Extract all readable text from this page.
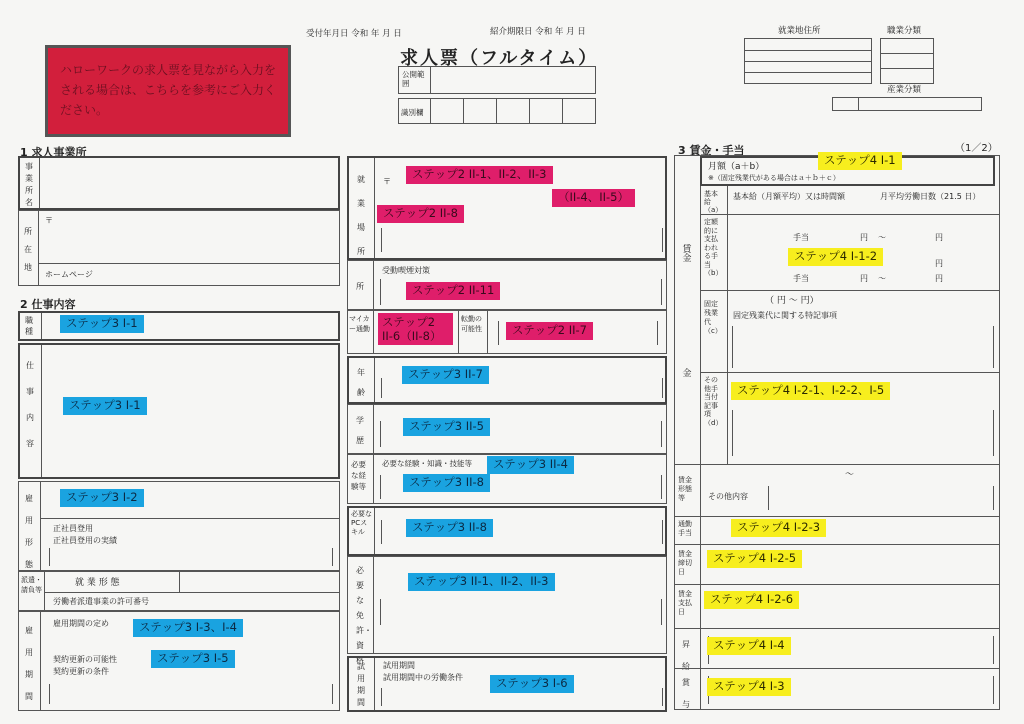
受付年月日 令和 年 月 日	紹介期限日 令和 年 月 日
ハローワークの求人票を見ながら入力をされる場合は、こちらを参考にご入力ください。
求人票（フルタイム）
公開範囲
識別欄
就業地住所	職業分類
産業分類
1 求人事業所
事業所名
所在地
〒
ホームページ
2 仕事内容
職種
仕事内容
雇用形態
正社員登用
正社員登用の実績
派遣・請負等
就 業 形 態
労働者派遣事業の許可番号
雇用期間
雇用期間の定め
契約更新の可能性
契約更新の条件
就業場所
〒
所
受動喫煙対策
マイカー通勤
転勤の可能性
年齢
学歴
必要な経験等
必要な経験・知識・技能等
必要なPCスキル
必要な免許・資格
試用期間
試用期間
試用期間中の労働条件
3 賃金・手当	（1／2）
月額（a＋b）
※（固定残業代がある場合はａ＋ｂ＋ｃ）
賃金
金
基本給（a）
基本給（月額平均）又は時間額	月平均労働日数（21.5 日）
定額的に支払われる手当（b）
手当	円 〜	円
円
手当	円 〜	円
固定残業代（c）
（ 円 〜 円）
固定残業代に関する特記事項
その他手当付記事項（d）
賃金形態等
〜
その他内容
通勤手当
賃金締切日
賃金支払日
昇給
賞与
ステップ2 II-1、II-2、II-3
（II-4、II-5）
ステップ2 II-8
ステップ2 II-11
ステップ2 II-6（II-8）	ステップ2 II-7
ステップ3 I-1
ステップ3 I-1
ステップ3 I-2
ステップ3 I-3、I-4
ステップ3 I-5
ステップ3 II-7
ステップ3 II-5
ステップ3 II-4
ステップ3 II-8
ステップ3 II-8
ステップ3 II-1、II-2、II-3
ステップ3 I-6
ステップ4 I-1
ステップ4 I-1-2
ステップ4 I-2-1、I-2-2、I-5
ステップ4 I-2-3
ステップ4 I-2-5
ステップ4 I-2-6
ステップ4 I-4
ステップ4 I-3
